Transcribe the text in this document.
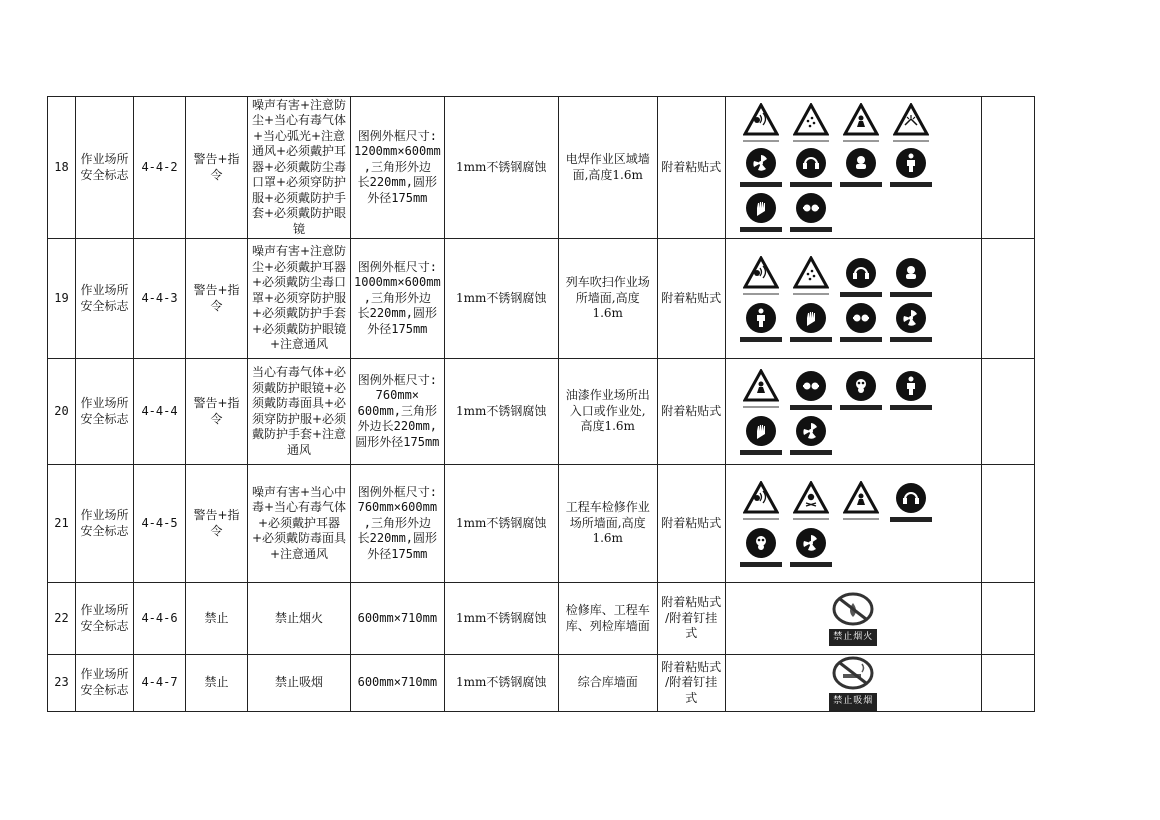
18	作业场所
安全标志	4-4-2	警告+指令	噪声有害+注意防尘+当心有毒气体+当心弧光+注意通风+必须戴护耳器+必须戴防尘毒口罩+必须穿防护服+必须戴防护手套+必须戴防护眼镜	图例外框尺寸:
1200mm×600mm
,三角形外边
长220mm,圆形
外径175mm	1mm不锈钢腐蚀	电焊作业区域墙
面,高度1.6m	附着粘贴式	

19	作业场所
安全标志	4-4-3	警告+指令	噪声有害+注意防尘+必须戴护耳器+必须戴防尘毒口罩+必须穿防护服+必须戴防护手套+必须戴防护眼镜+注意通风	图例外框尺寸:
1000mm×600mm
,三角形外边
长220mm,圆形
外径175mm	1mm不锈钢腐蚀	列车吹扫作业场
所墙面,高度
1.6m	附着粘贴式	

20	作业场所
安全标志	4-4-4	警告+指令	当心有毒气体+必须戴防护眼镜+必须戴防毒面具+必须穿防护服+必须戴防护手套+注意通风	图例外框尺寸:
760mm×
600mm,三角形
外边长220mm,
圆形外径175mm	1mm不锈钢腐蚀	油漆作业场所出
入口或作业处,
高度1.6m	附着粘贴式	

21	作业场所
安全标志	4-4-5	警告+指令	噪声有害+当心中毒+当心有毒气体+必须戴护耳器+必须戴防毒面具+注意通风	图例外框尺寸:
760mm×600mm
,三角形外边
长220mm,圆形
外径175mm	1mm不锈钢腐蚀	工程车检修作业
场所墙面,高度
1.6m	附着粘贴式	

22	作业场所
安全标志	4-4-6	禁止	禁止烟火	600mm×710mm	1mm不锈钢腐蚀	检修库、工程车
库、列检库墙面	附着粘贴式
/附着钉挂
式	禁止烟火	

23	作业场所
安全标志	4-4-7	禁止	禁止吸烟	600mm×710mm	1mm不锈钢腐蚀	综合库墙面	附着粘贴式
/附着钉挂
式	禁止吸烟	
